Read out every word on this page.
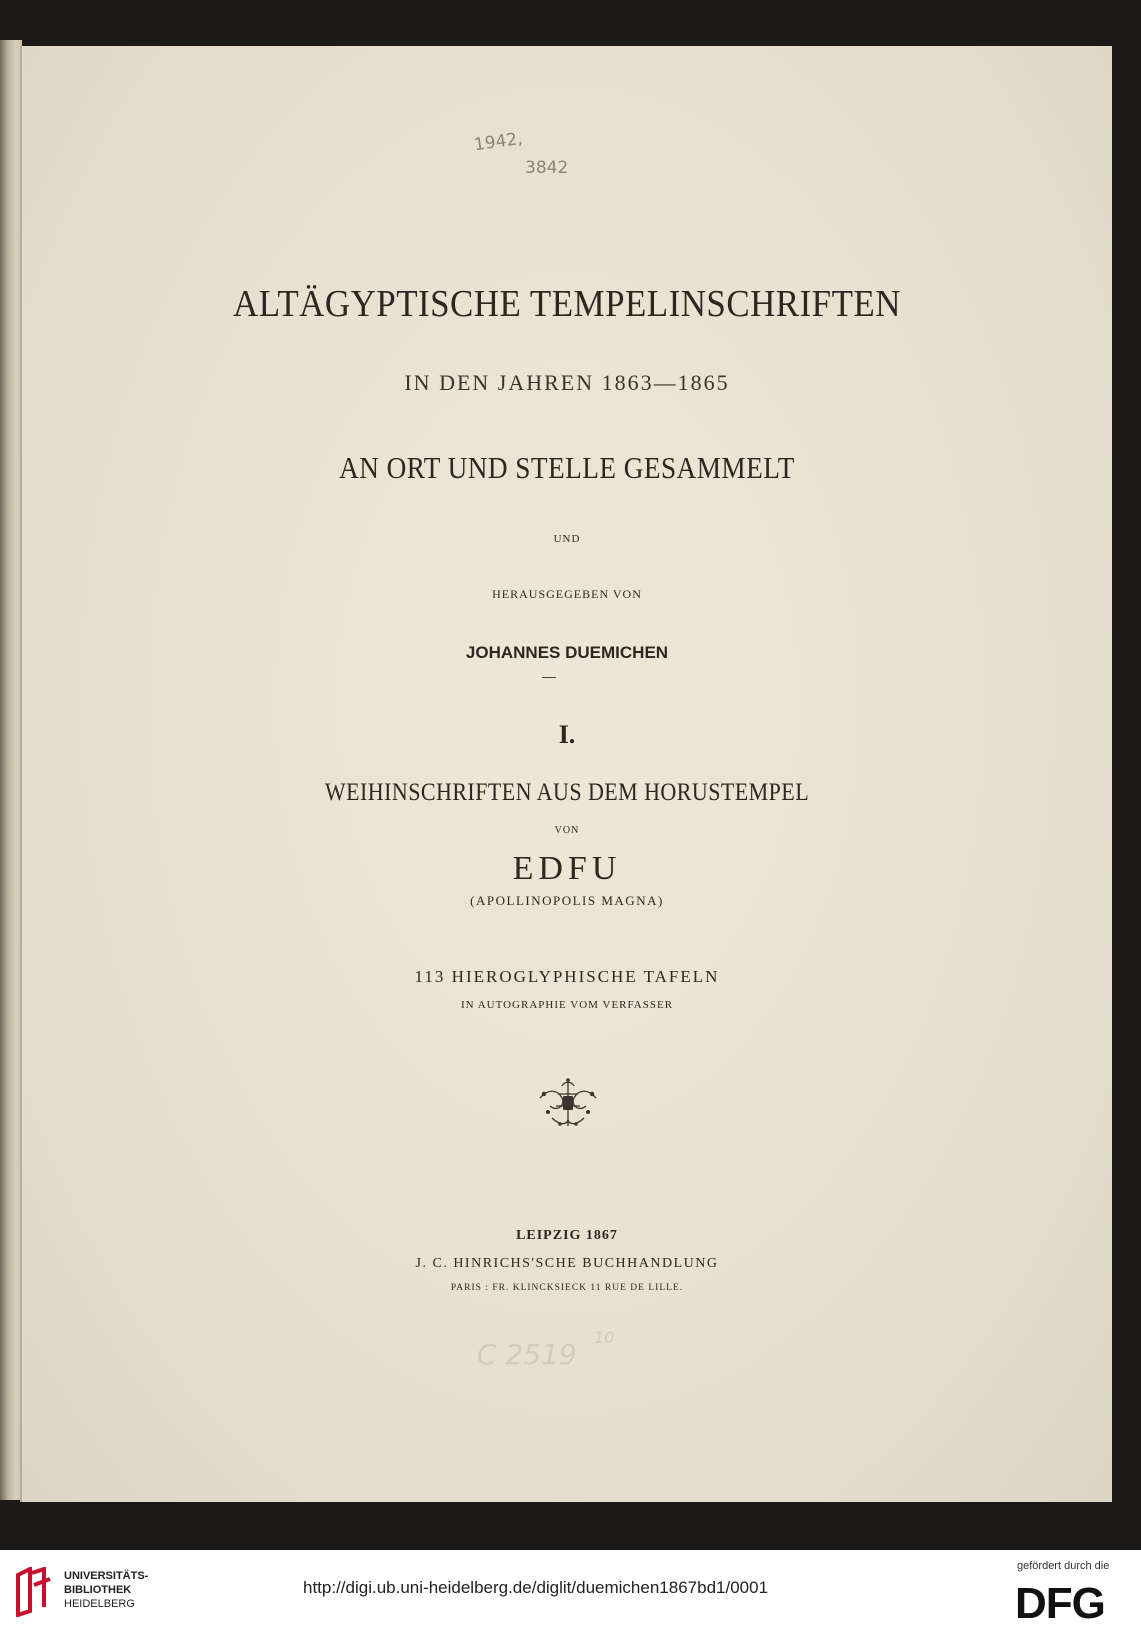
1942,
3842
ALTÄGYPTISCHE TEMPELINSCHRIFTEN
IN DEN JAHREN 1863—1865
AN ORT UND STELLE GESAMMELT
UND
HERAUSGEGEBEN VON
JOHANNES DUEMICHEN
I.
WEIHINSCHRIFTEN AUS DEM HORUSTEMPEL
VON
EDFU
(APOLLINOPOLIS MAGNA)
113 HIEROGLYPHISCHE TAFELN
IN AUTOGRAPHIE VOM VERFASSER
LEIPZIG 1867
J. C. HINRICHS'SCHE BUCHHANDLUNG
PARIS : FR. KLINCKSIECK 11 RUE DE LILLE.
C 2519
10
UNIVERSITÄTS-
BIBLIOTHEK
HEIDELBERG
http://digi.ub.uni-heidelberg.de/diglit/duemichen1867bd1/0001
gefördert durch die
DFG
